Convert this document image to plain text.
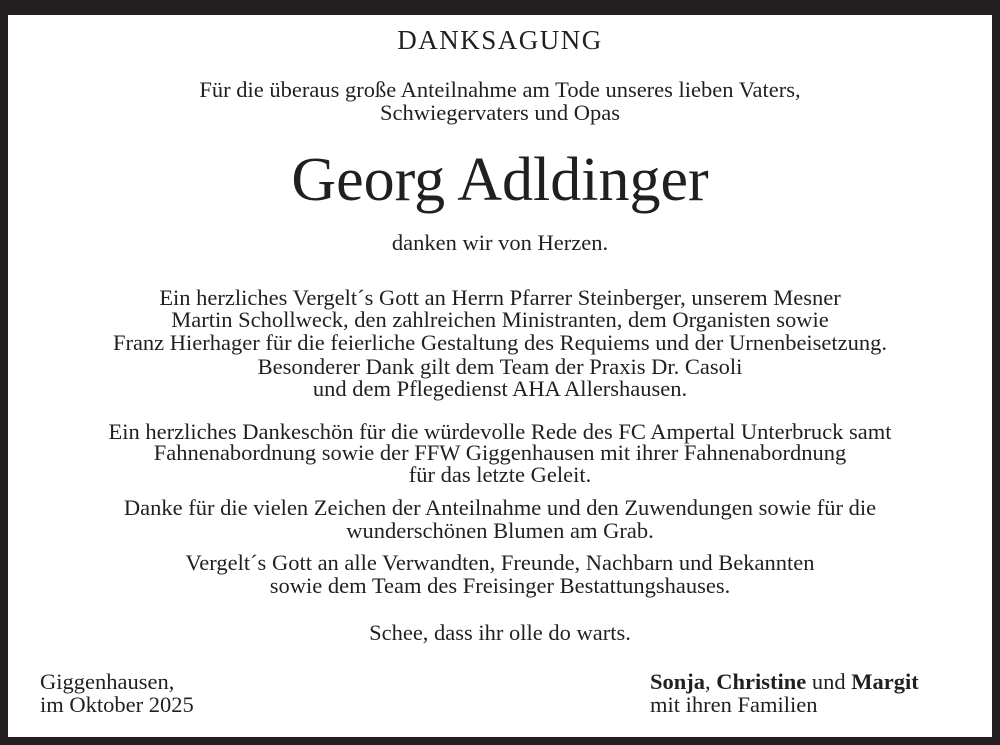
DANKSAGUNG
Für die überaus große Anteilnahme am Tode unseres lieben Vaters,
Schwiegervaters und Opas
Georg Adldinger
danken wir von Herzen.
Ein herzliches Vergelt´s Gott an Herrn Pfarrer Steinberger, unserem Mesner
Martin Schollweck, den zahlreichen Ministranten, dem Organisten sowie
Franz Hierhager für die feierliche Gestaltung des Requiems und der Urnenbeisetzung.
Besonderer Dank gilt dem Team der Praxis Dr. Casoli
und dem Pflegedienst AHA Allershausen.
Ein herzliches Dankeschön für die würdevolle Rede des FC Ampertal Unterbruck samt
Fahnenabordnung sowie der FFW Giggenhausen mit ihrer Fahnenabordnung
für das letzte Geleit.
Danke für die vielen Zeichen der Anteilnahme und den Zuwendungen sowie für die
wunderschönen Blumen am Grab.
Vergelt´s Gott an alle Verwandten, Freunde, Nachbarn und Bekannten
sowie dem Team des Freisinger Bestattungshauses.
Schee, dass ihr olle do warts.
Giggenhausen,
im Oktober 2025
Sonja, Christine und Margit
mit ihren Familien
